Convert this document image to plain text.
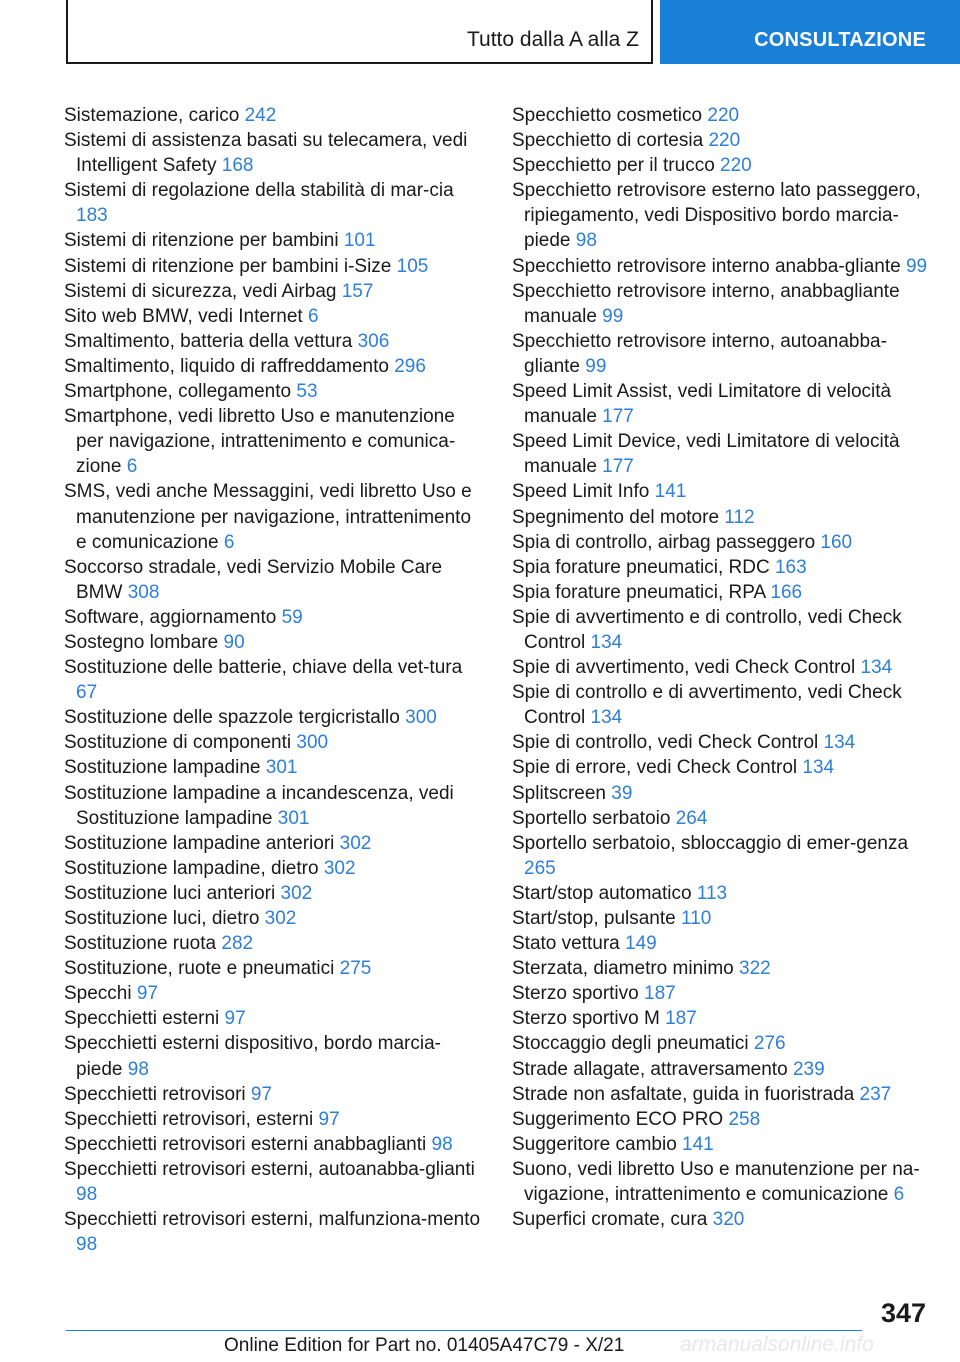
Tutto dalla A alla Z	CONSULTAZIONE

Sistemazione, carico 242

Sistemi di assistenza basati su telecamera, vedi Intelligent Safety 168

Sistemi di regolazione della stabilità di mar-cia 183

Sistemi di ritenzione per bambini 101

Sistemi di ritenzione per bambini i-Size 105

Sistemi di sicurezza, vedi Airbag 157

Sito web BMW, vedi Internet 6

Smaltimento, batteria della vettura 306

Smaltimento, liquido di raffreddamento 296

Smartphone, collegamento 53

Smartphone, vedi libretto Uso e manutenzione per navigazione, intrattenimento e comunica-zione 6

SMS, vedi anche Messaggini, vedi libretto Uso e manutenzione per navigazione, intrattenimento e comunicazione 6

Soccorso stradale, vedi Servizio Mobile Care BMW 308

Software, aggiornamento 59

Sostegno lombare 90

Sostituzione delle batterie, chiave della vet-tura 67

Sostituzione delle spazzole tergicristallo 300

Sostituzione di componenti 300

Sostituzione lampadine 301

Sostituzione lampadine a incandescenza, vedi Sostituzione lampadine 301

Sostituzione lampadine anteriori 302

Sostituzione lampadine, dietro 302

Sostituzione luci anteriori 302

Sostituzione luci, dietro 302

Sostituzione ruota 282

Sostituzione, ruote e pneumatici 275

Specchi 97

Specchietti esterni 97

Specchietti esterni dispositivo, bordo marcia-piede 98

Specchietti retrovisori 97

Specchietti retrovisori, esterni 97

Specchietti retrovisori esterni anabbaglianti 98

Specchietti retrovisori esterni, autoanabba-glianti 98

Specchietti retrovisori esterni, malfunziona-mento 98

Specchietto cosmetico 220

Specchietto di cortesia 220

Specchietto per il trucco 220

Specchietto retrovisore esterno lato passeggero, ripiegamento, vedi Dispositivo bordo marcia-piede 98

Specchietto retrovisore interno anabba-gliante 99

Specchietto retrovisore interno, anabbagliante manuale 99

Specchietto retrovisore interno, autoanabba-gliante 99

Speed Limit Assist, vedi Limitatore di velocità manuale 177

Speed Limit Device, vedi Limitatore di velocità manuale 177

Speed Limit Info 141

Spegnimento del motore 112

Spia di controllo, airbag passeggero 160

Spia forature pneumatici, RDC 163

Spia forature pneumatici, RPA 166

Spie di avvertimento e di controllo, vedi Check Control 134

Spie di avvertimento, vedi Check Control 134

Spie di controllo e di avvertimento, vedi Check Control 134

Spie di controllo, vedi Check Control 134

Spie di errore, vedi Check Control 134

Splitscreen 39

Sportello serbatoio 264

Sportello serbatoio, sbloccaggio di emer-genza 265

Start/stop automatico 113

Start/stop, pulsante 110

Stato vettura 149

Sterzata, diametro minimo 322

Sterzo sportivo 187

Sterzo sportivo M 187

Stoccaggio degli pneumatici 276

Strade allagate, attraversamento 239

Strade non asfaltate, guida in fuoristrada 237

Suggerimento ECO PRO 258

Suggeritore cambio 141

Suono, vedi libretto Uso e manutenzione per na-vigazione, intrattenimento e comunicazione 6

Superfici cromate, cura 320

347
Online Edition for Part no. 01405A47C79 - X/21	armanualsonline.info
